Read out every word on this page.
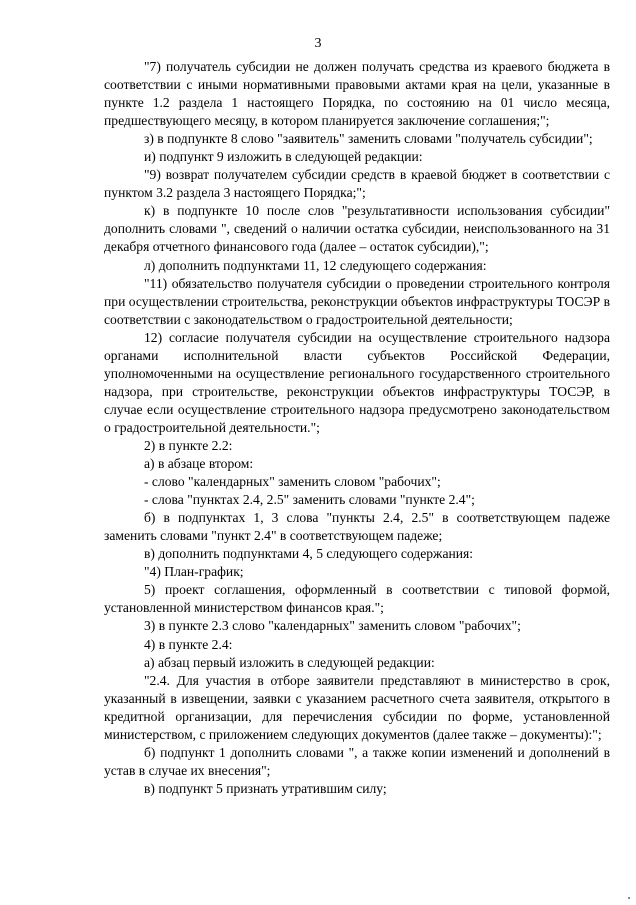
3

"7) получатель субсидии не должен получать средства из краевого бюджета в соответствии с иными нормативными правовыми актами края на цели, указанные в пункте 1.2 раздела 1 настоящего Порядка, по состоянию на 01 число месяца, предшествующего месяцу, в котором планируется заключение соглашения;";

з) в подпункте 8 слово "заявитель" заменить словами "получатель субсидии";

и) подпункт 9 изложить в следующей редакции:

"9) возврат получателем субсидии средств в краевой бюджет в соответствии с пунктом 3.2 раздела 3 настоящего Порядка;";

к) в подпункте 10 после слов "результативности использования субсидии" дополнить словами ", сведений о наличии остатка субсидии, неиспользованного на 31 декабря отчетного финансового года (далее – остаток субсидии),";

л) дополнить подпунктами 11, 12 следующего содержания:

"11) обязательство получателя субсидии о проведении строительного контроля при осуществлении строительства, реконструкции объектов инфраструктуры ТОСЭР в соответствии с законодательством о градостроительной деятельности;

12) согласие получателя субсидии на осуществление строительного надзора органами исполнительной власти субъектов Российской Федерации, уполномоченными на осуществление регионального государственного строительного надзора, при строительстве, реконструкции объектов инфраструктуры ТОСЭР, в случае если осуществление строительного надзора предусмотрено законодательством о градостроительной деятельности.";

2) в пункте 2.2:

а) в абзаце втором:

- слово "календарных" заменить словом "рабочих";

- слова "пунктах 2.4, 2.5" заменить словами "пункте 2.4";

б) в подпунктах 1, 3 слова "пункты 2.4, 2.5" в соответствующем падеже заменить словами "пункт 2.4" в соответствующем падеже;

в) дополнить подпунктами 4, 5 следующего содержания:

"4) План-график;

5) проект соглашения, оформленный в соответствии с типовой формой, установленной министерством финансов края.";

3) в пункте 2.3 слово "календарных" заменить словом "рабочих";

4) в пункте 2.4:

а) абзац первый изложить в следующей редакции:

"2.4. Для участия в отборе заявители представляют в министерство в срок, указанный в извещении, заявки с указанием расчетного счета заявителя, открытого в кредитной организации, для перечисления субсидии по форме, установленной министерством, с приложением следующих документов (далее также – документы):";

б) подпункт 1 дополнить словами ", а также копии изменений и дополнений в устав в случае их внесения";

в) подпункт 5 признать утратившим силу;
